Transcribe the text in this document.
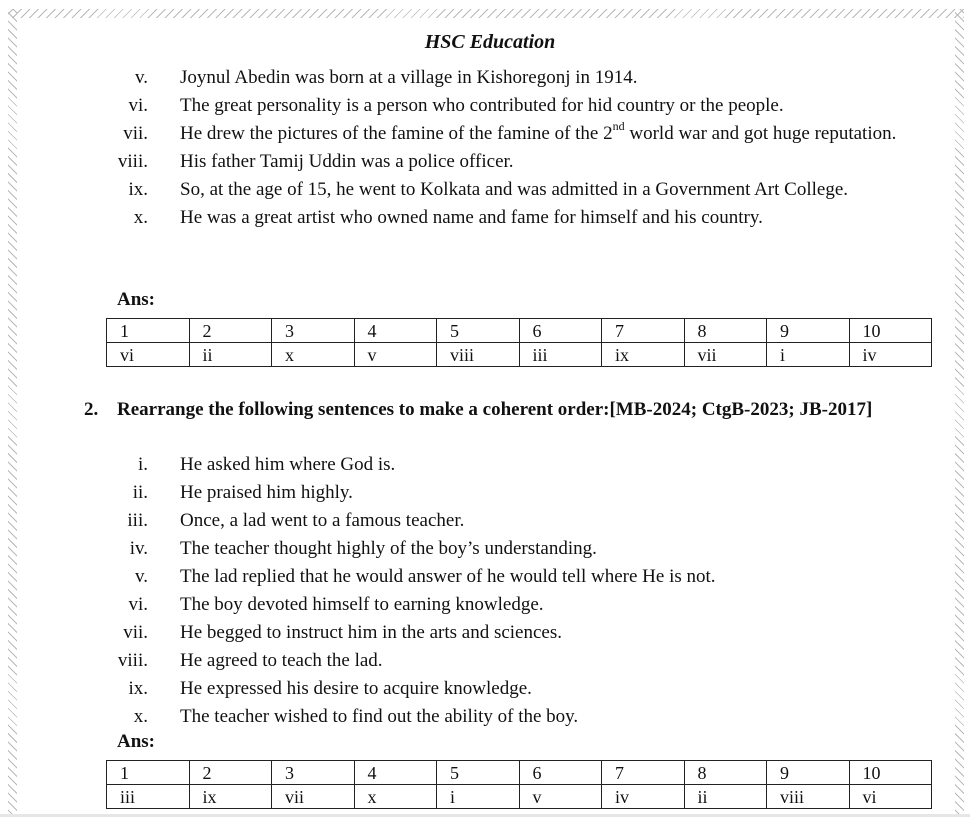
HSC Education
v. Joynul Abedin was born at a village in Kishoregonj in 1914.
vi. The great personality is a person who contributed for hid country or the people.
vii. He drew the pictures of the famine of the famine of the 2nd world war and got huge reputation.
viii. His father Tamij Uddin was a police officer.
ix. So, at the age of 15, he went to Kolkata and was admitted in a Government Art College.
x. He was a great artist who owned name and fame for himself and his country.
Ans:
1	2	3	4	5	6	7	8	9	10
vi	ii	x	v	viii	iii	ix	vii	i	iv
2. Rearrange the following sentences to make a coherent order:[MB-2024; CtgB-2023; JB-2017]
i. He asked him where God is.
ii. He praised him highly.
iii. Once, a lad went to a famous teacher.
iv. The teacher thought highly of the boy’s understanding.
v. The lad replied that he would answer of he would tell where He is not.
vi. The boy devoted himself to earning knowledge.
vii. He begged to instruct him in the arts and sciences.
viii. He agreed to teach the lad.
ix. He expressed his desire to acquire knowledge.
x. The teacher wished to find out the ability of the boy.
Ans:
1	2	3	4	5	6	7	8	9	10
iii	ix	vii	x	i	v	iv	ii	viii	vi
